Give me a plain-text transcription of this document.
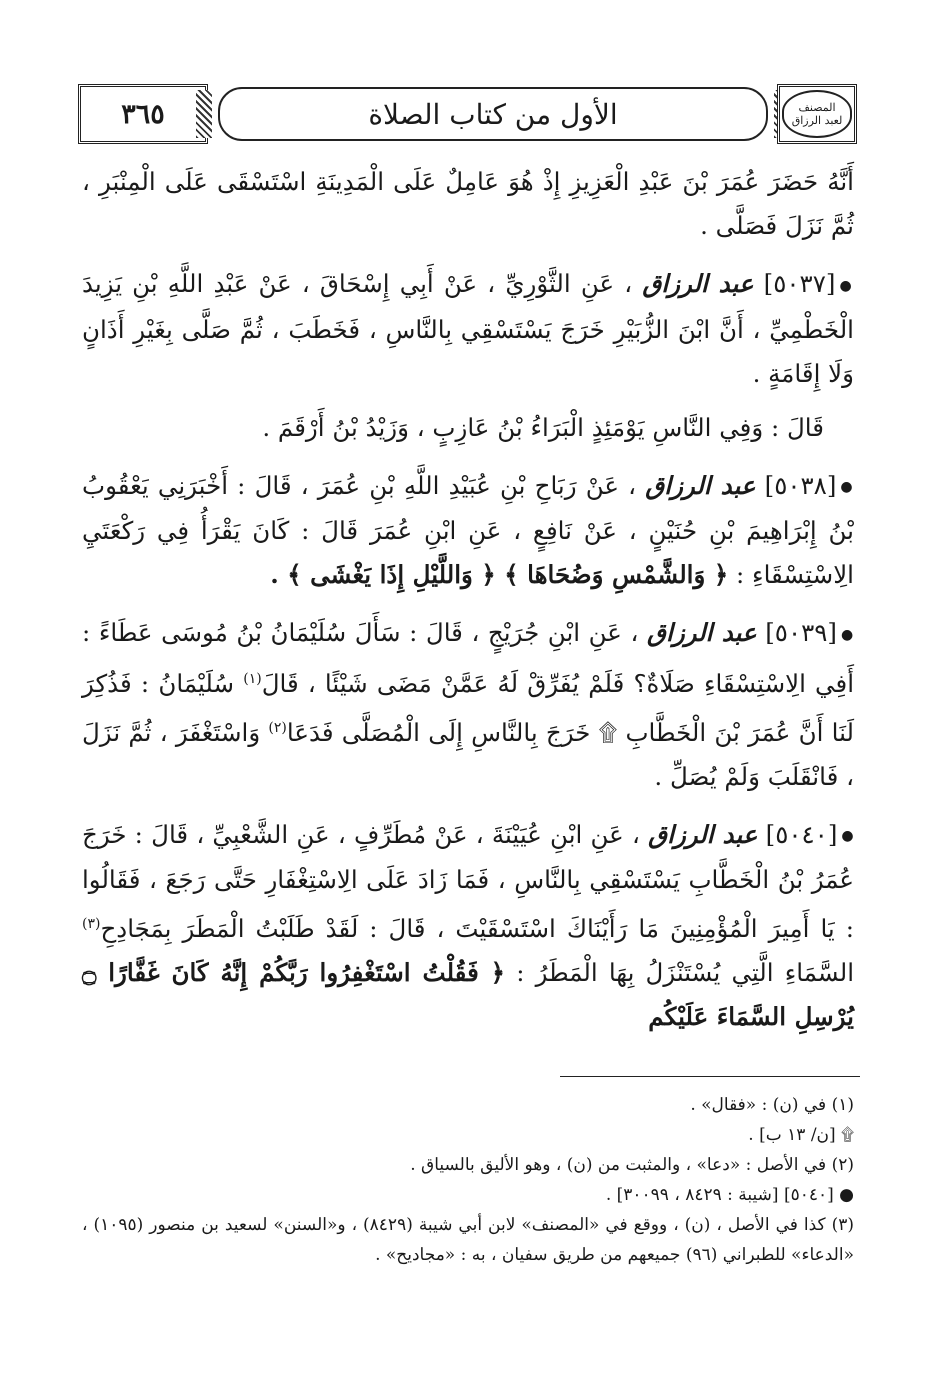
٣٦٥	الأول من كتاب الصلاة	المصنف
لعبد الرزاق

أَنَّهُ حَضَرَ عُمَرَ بْنَ عَبْدِ الْعَزِيزِ إِذْ هُوَ عَامِلٌ عَلَى الْمَدِينَةِ اسْتَسْقَى عَلَى الْمِنْبَرِ ، ثُمَّ نَزَلَ فَصَلَّى .

●[٥٠٣٧] عبد الرزاق ، عَنِ الثَّوْرِيِّ ، عَنْ أَبِي إِسْحَاقَ ، عَنْ عَبْدِ اللَّهِ بْنِ يَزِيدَ الْخَطْمِيِّ ، أَنَّ ابْنَ الزُّبَيْرِ خَرَجَ يَسْتَسْقِي بِالنَّاسِ ، فَخَطَبَ ، ثُمَّ صَلَّى بِغَيْرِ أَذَانٍ وَلَا إِقَامَةٍ .

قَالَ : وَفِي النَّاسِ يَوْمَئِذٍ الْبَرَاءُ بْنُ عَازِبٍ ، وَزَيْدُ بْنُ أَرْقَمَ .

●[٥٠٣٨] عبد الرزاق ، عَنْ رَبَاحِ بْنِ عُبَيْدِ اللَّهِ بْنِ عُمَرَ ، قَالَ : أَخْبَرَنِي يَعْقُوبُ بْنُ إِبْرَاهِيمَ بْنِ حُنَيْنٍ ، عَنْ نَافِعٍ ، عَنِ ابْنِ عُمَرَ قَالَ : كَانَ يَقْرَأُ فِي رَكْعَتَيِ الِاسْتِسْقَاءِ : ﴿ وَالشَّمْسِ وَضُحَاهَا ﴾ ﴿ وَاللَّيْلِ إِذَا يَغْشَى ﴾ .

●[٥٠٣٩] عبد الرزاق ، عَنِ ابْنِ جُرَيْجٍ ، قَالَ : سَأَلَ سُلَيْمَانُ بْنُ مُوسَى عَطَاءً : أَفِي الِاسْتِسْقَاءِ صَلَاةٌ؟ فَلَمْ يُفَرِّقْ لَهُ عَمَّنْ مَضَى شَيْئًا ، قَالَ$^{(١)}$ سُلَيْمَانُ : فَذُكِرَ لَنَا أَنَّ عُمَرَ بْنَ الْخَطَّابِ ۩ خَرَجَ بِالنَّاسِ إِلَى الْمُصَلَّى فَدَعَا$^{(٢)}$ وَاسْتَغْفَرَ ، ثُمَّ نَزَلَ ، فَانْقَلَبَ وَلَمْ يُصَلِّ .

●[٥٠٤٠] عبد الرزاق ، عَنِ ابْنِ عُيَيْنَةَ ، عَنْ مُطَرِّفٍ ، عَنِ الشَّعْبِيِّ ، قَالَ : خَرَجَ عُمَرُ بْنُ الْخَطَّابِ يَسْتَسْقِي بِالنَّاسِ ، فَمَا زَادَ عَلَى الِاسْتِغْفَارِ حَتَّى رَجَعَ ، فَقَالُوا : يَا أَمِيرَ الْمُؤْمِنِينَ مَا رَأَيْنَاكَ اسْتَسْقَيْتَ ، قَالَ : لَقَدْ طَلَبْتُ الْمَطَرَ بِمَجَادِحِ$^{(٣)}$ السَّمَاءِ الَّتِي يُسْتَنْزَلُ بِهَا الْمَطَرُ : ﴿ فَقُلْتُ اسْتَغْفِرُوا رَبَّكُمْ إِنَّهُ كَانَ غَفَّارًا ۝ يُرْسِلِ السَّمَاءَ عَلَيْكُم

(١) في (ن) : «فقال» .

۩ [ن/ ١٣ ب] .

(٢) في الأصل : «دعا» ، والمثبت من (ن) ، وهو الأليق بالسياق .

● [٥٠٤٠] [شيبة : ٨٤٢٩ ، ٣٠٠٩٩] .

(٣) كذا في الأصل ، (ن) ، ووقع في «المصنف» لابن أبي شيبة (٨٤٢٩) ، و«السنن» لسعيد بن منصور (١٠٩٥) ، «الدعاء» للطبراني (٩٦) جميعهم من طريق سفيان ، به : «مجاديح» .
